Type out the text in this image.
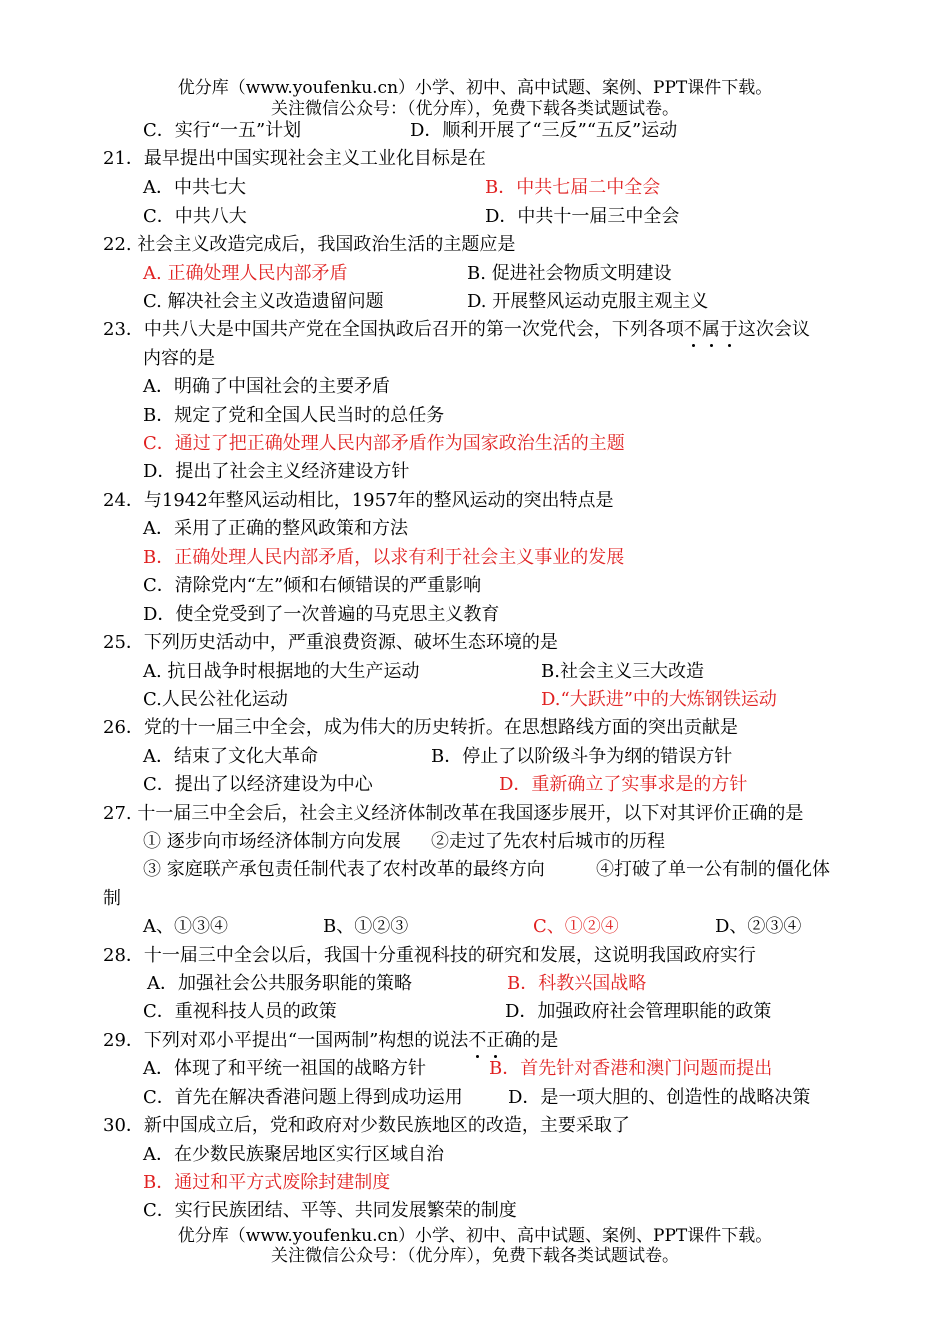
优分库（www.youfenku.cn）小学、初中、高中试题、案例、PPT课件下载。
关注微信公众号：（优分库），免费下载各类试题试卷。
C．实行“一五”计划	D．顺利开展了“三反”“五反”运动
21．最早提出中国实现社会主义工业化目标是在
A．中共七大	B．中共七届二中全会
C．中共八大	D．中共十一届三中全会
22. 社会主义改造完成后，我国政治生活的主题应是
A. 正确处理人民内部矛盾	B. 促进社会物质文明建设
C. 解决社会主义改造遗留问题	D. 开展整风运动克服主观主义
23．中共八大是中国共产党在全国执政后召开的第一次党代会，下列各项不属于这次会议
内容的是
A．明确了中国社会的主要矛盾
B．规定了党和全国人民当时的总任务
C．通过了把正确处理人民内部矛盾作为国家政治生活的主题
D．提出了社会主义经济建设方针
24．与1942年整风运动相比，1957年的整风运动的突出特点是
A．采用了正确的整风政策和方法
B．正确处理人民内部矛盾，以求有利于社会主义事业的发展
C．清除党内“左”倾和右倾错误的严重影响
D．使全党受到了一次普遍的马克思主义教育
25．下列历史活动中，严重浪费资源、破坏生态环境的是
A. 抗日战争时根据地的大生产运动	B.社会主义三大改造
C.人民公社化运动	D.“大跃进”中的大炼钢铁运动
26．党的十一届三中全会，成为伟大的历史转折。在思想路线方面的突出贡献是
A．结束了文化大革命	B．停止了以阶级斗争为纲的错误方针
C．提出了以经济建设为中心	D．重新确立了实事求是的方针
27. 十一届三中全会后，社会主义经济体制改革在我国逐步展开，以下对其评价正确的是
① 逐步向市场经济体制方向发展 ②走过了先农村后城市的历程
③ 家庭联产承包责任制代表了农村改革的最终方向	④打破了单一公有制的僵化体
制
A、①③④	B、①②③	C、①②④	D、②③④
28．十一届三中全会以后，我国十分重视科技的研究和发展，这说明我国政府实行
A．加强社会公共服务职能的策略	B．科教兴国战略
C．重视科技人员的政策	D．加强政府社会管理职能的政策
29．下列对邓小平提出“一国两制”构想的说法不正确的是
A．体现了和平统一祖国的战略方针	B．首先针对香港和澳门问题而提出
C．首先在解决香港问题上得到成功运用	D．是一项大胆的、创造性的战略决策
30．新中国成立后，党和政府对少数民族地区的改造，主要采取了
A．在少数民族聚居地区实行区域自治
B．通过和平方式废除封建制度
C．实行民族团结、平等、共同发展繁荣的制度
优分库（www.youfenku.cn）小学、初中、高中试题、案例、PPT课件下载。
关注微信公众号：（优分库），免费下载各类试题试卷。
